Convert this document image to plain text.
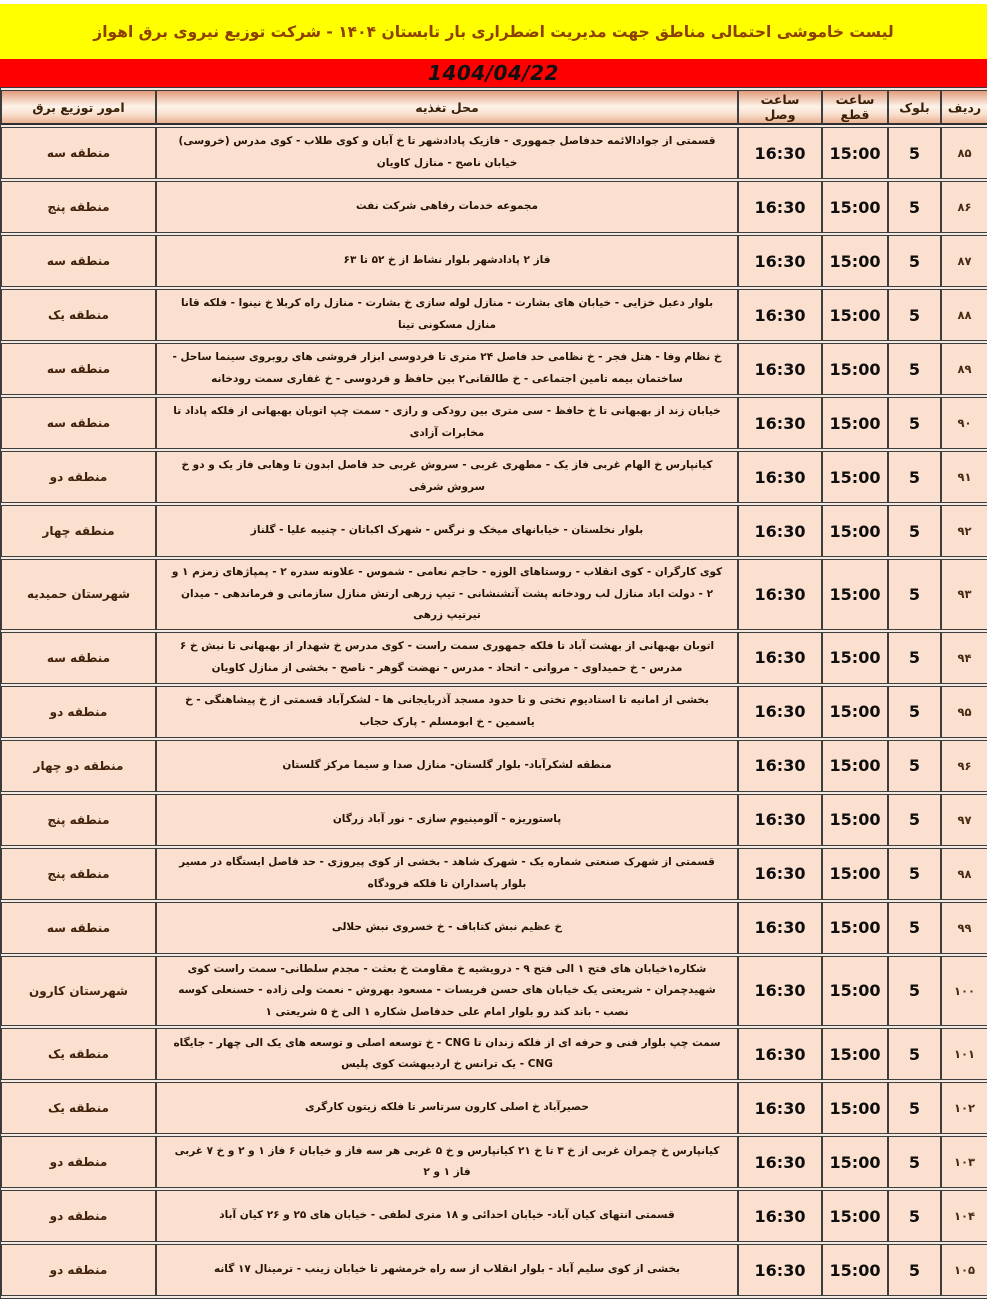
لیست خاموشی احتمالی مناطق جهت مدیریت اضطراری بار تابستان ۱۴۰۴ - شرکت توزیع نیروی برق اهواز
1404/04/22
ردیف	بلوک	ساعت قطع	ساعت وصل	محل تغذیه	امور توزیع برق
۸۵	5	15:00	16:30	قسمتی از جوادالائمه حدفاصل جمهوری - فازیک پادادشهر تا خ آبان و کوی طلاب - کوی مدرس (خروسی) خیابان ناصح - منازل کاویان	منطقه سه
۸۶	5	15:00	16:30	مجموعه خدمات رفاهی شرکت نفت	منطقه پنج
۸۷	5	15:00	16:30	فاز ۲ پادادشهر بلوار نشاط از خ ۵۲ تا ۶۳	منطقه سه
۸۸	5	15:00	16:30	بلوار دعبل خزایی - خیابان های بشارت - منازل لوله سازی خ بشارت - منازل راه کربلا خ نینوا - فلکه قانا منازل مسکونی تینا	منطقه یک
۸۹	5	15:00	16:30	خ نظام وفا - هتل فجر - خ نظامی حد فاصل ۲۴ متری تا فردوسی ابزار فروشی های روبروی سینما ساحل - ساختمان بیمه تامین اجتماعی - خ طالقانی۲ بین حافظ و فردوسی - خ غفاری سمت رودخانه	منطقه سه
۹۰	5	15:00	16:30	خیابان زند از بهبهانی تا خ حافظ - سی متری بین رودکی و رازی - سمت چپ اتوبان بهبهانی از فلکه پاداد تا مخابرات آزادی	منطقه سه
۹۱	5	15:00	16:30	کیانپارس خ الهام غربی فاز یک - مطهری غربی - سروش غربی حد فاصل ابدون تا وهابی فاز یک و دو خ سروش شرقی	منطقه دو
۹۲	5	15:00	16:30	بلوار نخلستان - خیابانهای میخک و نرگس - شهرک اکباتان - چنیبه علیا - گلناز	منطقه چهار
۹۳	5	15:00	16:30	کوی کارگران - کوی انقلاب - روستاهای الوزه - حاجم نعامی - شموس - علاونه سدره ۲ - پمپاژهای زمزم ۱ و ۲ - دولت اباد منازل لب رودخانه پشت آتشنشانی - تیپ زرهی ارتش منازل سازمانی و فرماندهی - میدان تیرتیپ زرهی	شهرستان حمیدیه
۹۴	5	15:00	16:30	اتوبان بهبهانی از بهشت آباد تا فلکه جمهوری سمت راست - کوی مدرس خ شهدار از بهبهانی تا نبش خ ۶ مدرس - خ حمیداوی - مروانی - اتحاد - مدرس - نهضت گوهر - ناصح - بخشی از منازل کاویان	منطقه سه
۹۵	5	15:00	16:30	بخشی از امانیه تا استادیوم تختی و تا حدود مسجد آذربایجانی ها - لشکرآباد قسمتی از خ پیشاهنگی - خ یاسمین - خ ابومسلم - پارک حجاب	منطقه دو
۹۶	5	15:00	16:30	منطقه لشکرآباد- بلوار گلستان- منازل صدا و سیما مرکز گلستان	منطقه دو چهار
۹۷	5	15:00	16:30	پاستوریزه - آلومینیوم سازی - نور آباد زرگان	منطقه پنج
۹۸	5	15:00	16:30	قسمتی از شهرک صنعتی شماره یک - شهرک شاهد - بخشی از کوی پیروزی - حد فاصل ایستگاه در مسیر بلوار پاسداران تا فلکه فرودگاه	منطقه پنج
۹۹	5	15:00	16:30	خ عظیم نبش کتاباف - خ خسروی نبش حلالی	منطقه سه
۱۰۰	5	15:00	16:30	شکاره۱خیابان های فتح ۱ الی فتح ۹ - درویشیه خ مقاومت خ بعثت - مجدم سلطانی- سمت راست کوی شهیدچمران - شریعتی یک خیابان های حسن فریسات - مسعود بهروش - نعمت ولی زاده - حسنعلی کوسه نصب - باند کند رو بلوار امام علی حدفاصل شکاره ۱ الی خ ۵ شریعتی ۱	شهرستان کارون
۱۰۱	5	15:00	16:30	سمت چپ بلوار فنی و حرفه ای از فلکه زندان تا CNG - خ توسعه اصلی و توسعه های یک الی چهار - جایگاه CNG - یک ترانس خ اردیبهشت کوی پلیس	منطقه یک
۱۰۲	5	15:00	16:30	حصیرآباد خ اصلی کارون سرتاسر تا فلکه زیتون کارگری	منطقه یک
۱۰۳	5	15:00	16:30	کیانپارس خ چمران غربی از خ ۳ تا خ ۲۱ کیانپارس و خ ۵ غربی هر سه فاز و خیابان ۶ فاز ۱ و ۲ و خ ۷ غربی فاز ۱ و ۲	منطقه دو
۱۰۴	5	15:00	16:30	قسمتی انتهای کیان آباد- خیابان احدائی و ۱۸ متری لطفی - خیابان های ۲۵ و ۲۶ کیان آباد	منطقه دو
۱۰۵	5	15:00	16:30	بخشی از کوی سلیم آباد - بلوار انقلاب از سه راه خرمشهر تا خیابان زینب - ترمینال ۱۷ گانه	منطقه دو
